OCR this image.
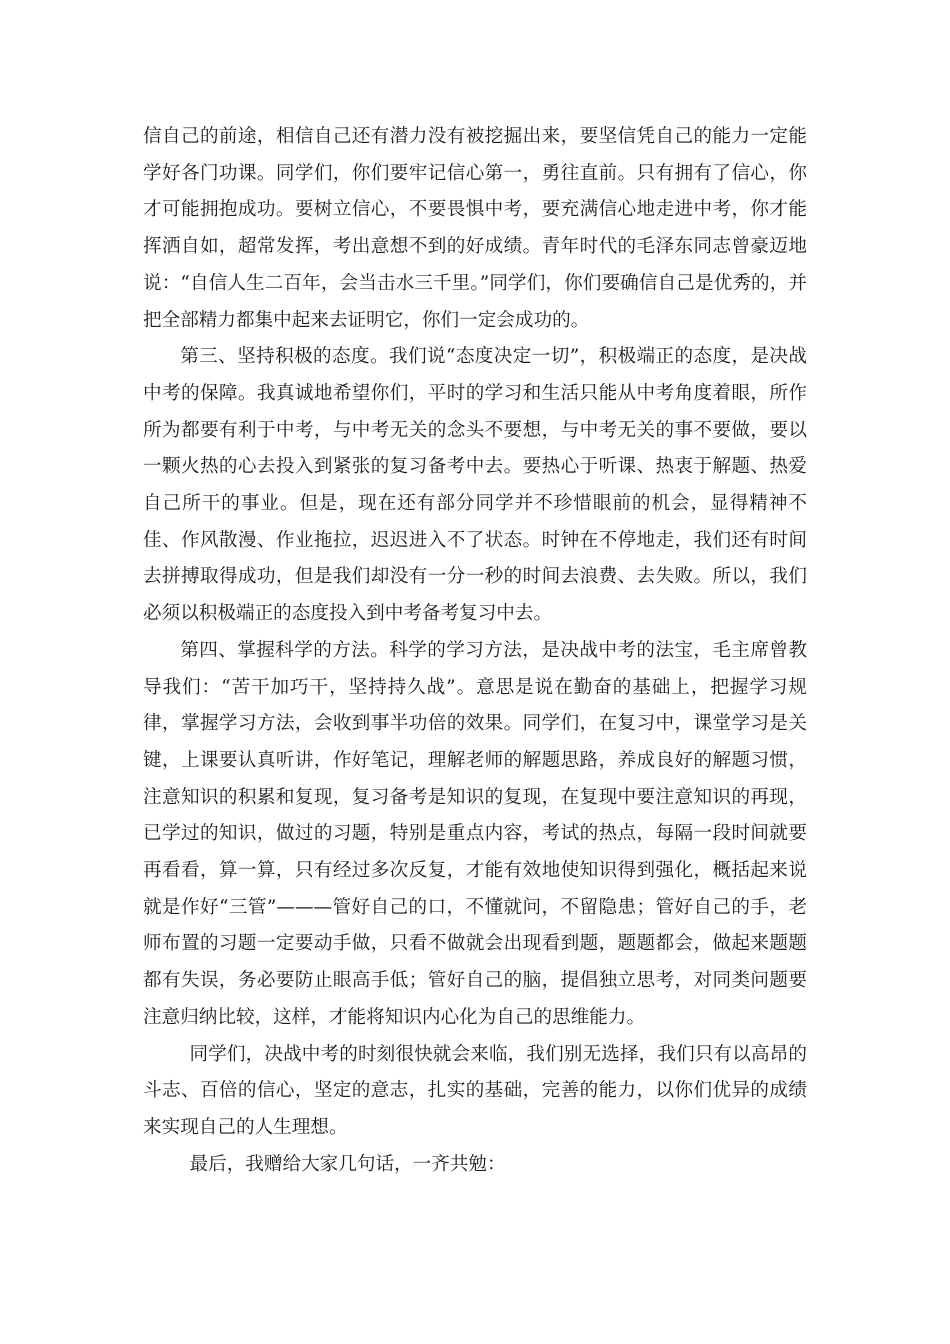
信自己的前途，相信自己还有潜力没有被挖掘出来，要坚信凭自己的能力一定能学好各门功课。同学们，你们要牢记信心第一，勇往直前。只有拥有了信心，你才可能拥抱成功。要树立信心，不要畏惧中考，要充满信心地走进中考，你才能挥洒自如，超常发挥，考出意想不到的好成绩。青年时代的毛泽东同志曾豪迈地说：“自信人生二百年，会当击水三千里。”同学们，你们要确信自己是优秀的，并把全部精力都集中起来去证明它，你们一定会成功的。

第三、坚持积极的态度。我们说“态度决定一切”，积极端正的态度，是决战中考的保障。我真诚地希望你们，平时的学习和生活只能从中考角度着眼，所作所为都要有利于中考，与中考无关的念头不要想，与中考无关的事不要做，要以一颗火热的心去投入到紧张的复习备考中去。要热心于听课、热衷于解题、热爱自己所干的事业。但是，现在还有部分同学并不珍惜眼前的机会，显得精神不佳、作风散漫、作业拖拉，迟迟进入不了状态。时钟在不停地走，我们还有时间去拼搏取得成功，但是我们却没有一分一秒的时间去浪费、去失败。所以，我们必须以积极端正的态度投入到中考备考复习中去。

第四、掌握科学的方法。科学的学习方法，是决战中考的法宝，毛主席曾教导我们：“苦干加巧干，坚持持久战”。意思是说在勤奋的基础上，把握学习规律，掌握学习方法，会收到事半功倍的效果。同学们，在复习中，课堂学习是关键，上课要认真听讲，作好笔记，理解老师的解题思路，养成良好的解题习惯，注意知识的积累和复现，复习备考是知识的复现，在复现中要注意知识的再现，已学过的知识，做过的习题，特别是重点内容，考试的热点，每隔一段时间就要再看看，算一算，只有经过多次反复，才能有效地使知识得到强化，概括起来说就是作好“三管”———管好自己的口，不懂就问，不留隐患；管好自己的手，老师布置的习题一定要动手做，只看不做就会出现看到题，题题都会，做起来题题都有失误，务必要防止眼高手低；管好自己的脑，提倡独立思考，对同类问题要注意归纳比较，这样，才能将知识内心化为自己的思维能力。

同学们，决战中考的时刻很快就会来临，我们别无选择，我们只有以高昂的斗志、百倍的信心，坚定的意志，扎实的基础，完善的能力，以你们优异的成绩来实现自己的人生理想。

最后，我赠给大家几句话，一齐共勉：
